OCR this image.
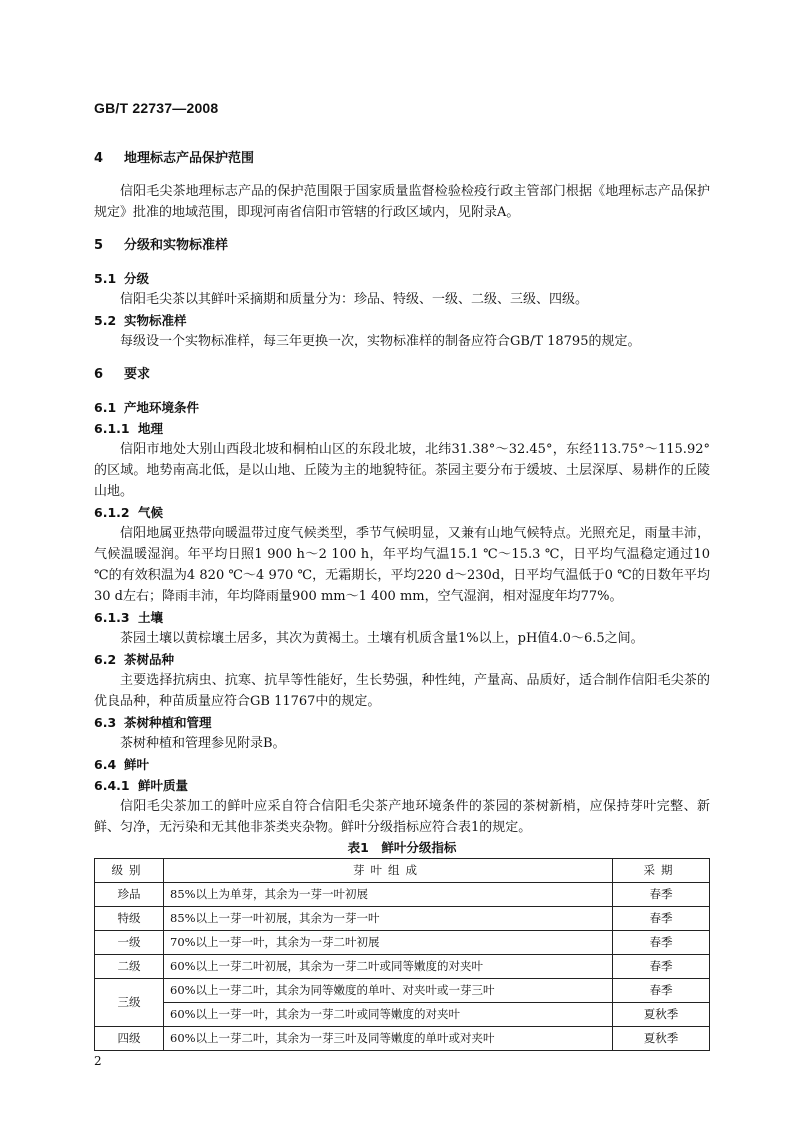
GB/T 22737—2008

4 地理标志产品保护范围

信阳毛尖茶地理标志产品的保护范围限于国家质量监督检验检疫行政主管部门根据《地理标志产品保护规定》批准的地域范围，即现河南省信阳市管辖的行政区域内，见附录A。

5 分级和实物标准样

5.1 分级

信阳毛尖茶以其鲜叶采摘期和质量分为：珍品、特级、一级、二级、三级、四级。

5.2 实物标准样

每级设一个实物标准样，每三年更换一次，实物标准样的制备应符合GB/T 18795的规定。

6 要求

6.1 产地环境条件

6.1.1 地理

信阳市地处大别山西段北坡和桐柏山区的东段北坡，北纬31.38°～32.45°，东经113.75°～115.92°的区域。地势南高北低，是以山地、丘陵为主的地貌特征。茶园主要分布于缓坡、土层深厚、易耕作的丘陵山地。

6.1.2 气候

信阳地属亚热带向暖温带过度气候类型，季节气候明显，又兼有山地气候特点。光照充足，雨量丰沛，气候温暖湿润。年平均日照1 900 h～2 100 h，年平均气温15.1 ℃～15.3 ℃，日平均气温稳定通过10 ℃的有效积温为4 820 ℃～4 970 ℃，无霜期长，平均220 d～230d，日平均气温低于0 ℃的日数年平均30 d左右；降雨丰沛，年均降雨量900 mm～1 400 mm，空气湿润，相对湿度年均77%。

6.1.3 土壤

茶园土壤以黄棕壤土居多，其次为黄褐土。土壤有机质含量1%以上，pH值4.0～6.5之间。

6.2 茶树品种

主要选择抗病虫、抗寒、抗旱等性能好，生长势强，种性纯，产量高、品质好，适合制作信阳毛尖茶的优良品种，种苗质量应符合GB 11767中的规定。

6.3 茶树种植和管理

茶树种植和管理参见附录B。

6.4 鲜叶

6.4.1 鲜叶质量

信阳毛尖茶加工的鲜叶应采自符合信阳毛尖茶产地环境条件的茶园的茶树新梢，应保持芽叶完整、新鲜、匀净，无污染和无其他非茶类夹杂物。鲜叶分级指标应符合表1的规定。

表1　鲜叶分级指标

级别	芽叶组成	采期
珍品	85%以上为单芽，其余为一芽一叶初展	春季
特级	85%以上一芽一叶初展，其余为一芽一叶	春季
一级	70%以上一芽一叶，其余为一芽二叶初展	春季
二级	60%以上一芽二叶初展，其余为一芽二叶或同等嫩度的对夹叶	春季
三级	60%以上一芽二叶，其余为同等嫩度的单叶、对夹叶或一芽三叶	春季
	60%以上一芽一叶，其余为一芽二叶或同等嫩度的对夹叶	夏秋季
四级	60%以上一芽二叶，其余为一芽三叶及同等嫩度的单叶或对夹叶	夏秋季
2
